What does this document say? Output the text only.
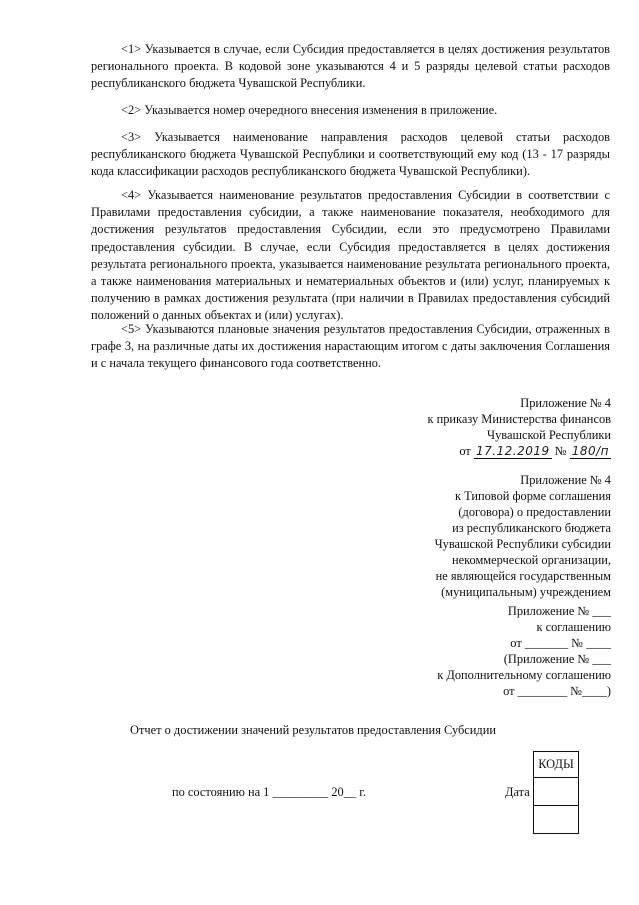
<1> Указывается в случае, если Субсидия предоставляется в целях достижения результатов регионального проекта. В кодовой зоне указываются 4 и 5 разряды целевой статьи расходов республиканского бюджета Чувашской Республики.

<2> Указывается номер очередного внесения изменения в приложение.

<3> Указывается наименование направления расходов целевой статьи расходов республиканского бюджета Чувашской Республики и соответствующий ему код (13 - 17 разряды кода классификации расходов республиканского бюджета Чувашской Республики).

<4> Указывается наименование результатов предоставления Субсидии в соответствии с Правилами предоставления субсидии, а также наименование показателя, необходимого для достижения результатов предоставления Субсидии, если это предусмотрено Правилами предоставления субсидии. В случае, если Субсидия предоставляется в целях достижения результата регионального проекта, указывается наименование результата регионального проекта, а также наименования материальных и нематериальных объектов и (или) услуг, планируемых к получению в рамках достижения результата (при наличии в Правилах предоставления субсидий положений о данных объектах и (или) услугах).

<5> Указываются плановые значения результатов предоставления Субсидии, отраженных в графе 3, на различные даты их достижения нарастающим итогом с даты заключения Соглашения и с начала текущего финансового года соответственно.

Приложение № 4
к приказу Министерства финансов
Чувашской Республики
от 17.12.2019 № 180/п
Приложение № 4
к Типовой форме соглашения
(договора) о предоставлении
из республиканского бюджета
Чувашской Республики субсидии
некоммерческой организации,
не являющейся государственным
(муниципальным) учреждением
Приложение № ___
к соглашению
от _______ № ____
(Приложение № ___
к Дополнительному соглашению
от ________ №____)
Отчет о достижении значений результатов предоставления Субсидии
КОДЫ

по состоянию на 1 _________ 20__ г.	Дата
